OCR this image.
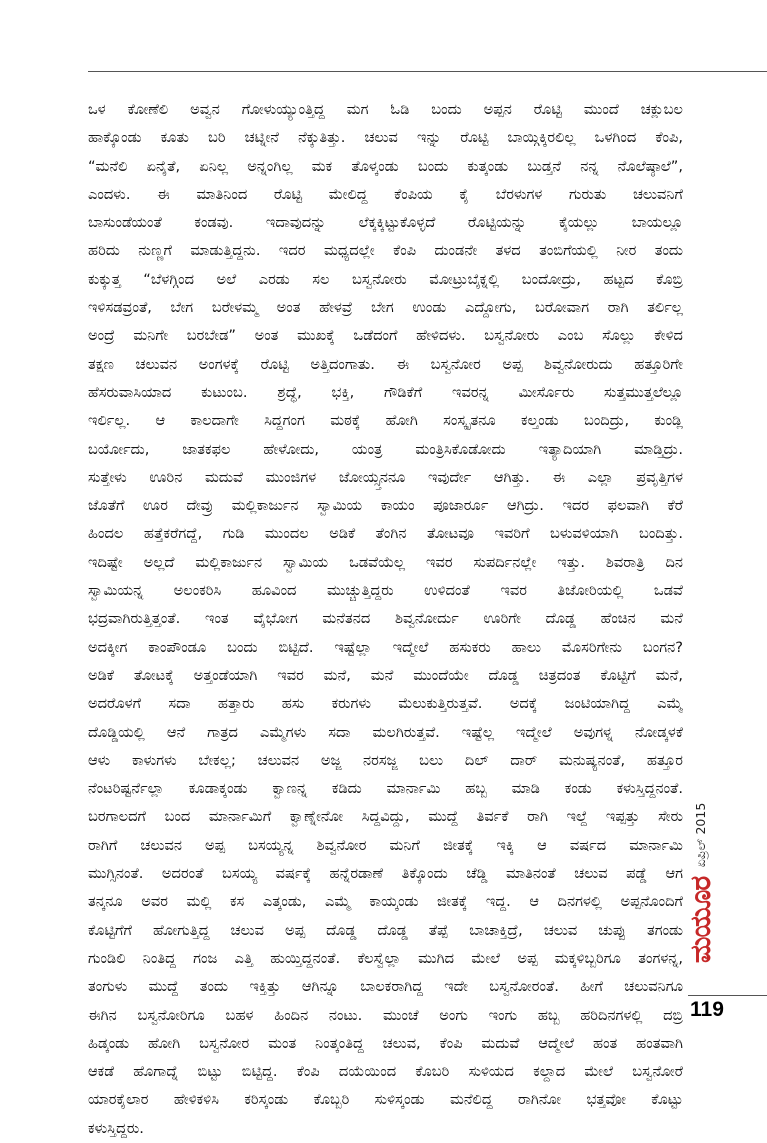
ಒಳ ಕೋಣೆಲಿ ಅವ್ವನ ಗೋಳುಯ್ಯುಂತ್ತಿದ್ದ ಮಗ ಓಡಿ ಬಂದು ಅಪ್ಪನ ರೊಟ್ಟಿ ಮುಂದೆ ಚಕ್ಲುಬಲ
ಹಾಕ್ಕೊಂಡು ಕೂತು ಬರಿ ಚಟ್ನೀನೆ ನೆಕ್ಕುತಿತ್ತು. ಚಲುವ ಇನ್ನು ರೊಟ್ಟಿ ಬಾಯ್ಗಿಕ್ಕಿರಲಿಲ್ಲ ಒಳಗಿಂದ ಕೆಂಪಿ,
“ಮನೆಲಿ ಏನೈತೆ, ಏನಿಲ್ಲ ಅನ್ನಂಗಿಲ್ಲ ಮಕ ತೊಳ್ಕಂಡು ಬಂದು ಕುತ್ಕಂಡು ಬುಡ್ತನೆ ನನ್ನ ನೊಲೆಷ್ಠಾಲೆ”,
ಎಂದಳು. ಈ ಮಾತಿನಿಂದ ರೊಟ್ಟಿ ಮೇಲಿದ್ದ ಕೆಂಪಿಯ ಕೈ ಬೆರಳುಗಳ ಗುರುತು ಚಲುವನಿಗೆ
ಬಾಸುಂಡೆಯಂತೆ ಕಂಡವು. ಇದಾವುದನ್ನು ಲೆಕ್ಕಕ್ಕಿಟ್ಟುಕೊಳ್ಳದೆ ರೊಟ್ಟಿಯನ್ನು ಕೈಯಲ್ಲು ಬಾಯಲ್ಲೂ
ಹರಿದು ನುಣ್ಣಗೆ ಮಾಡುತ್ತಿದ್ದನು. ಇದರ ಮಧ್ಯದಲ್ಲೇ ಕೆಂಪಿ ದುಂಡನೇ ತಳದ ತಂಬಿಗೆಯಲ್ಲಿ ನೀರ ತಂದು
ಕುಕ್ಕುತ್ತ “ಬೆಳಗ್ಗಿಂದ ಅಲೆ ಎರಡು ಸಲ ಬಸ್ವನೋರು ಮೋಟ್ರುಬೈಕ್ನಲ್ಲಿ ಬಂದೋದ್ರು, ಹಟ್ಟದ ಕೊಬ್ರಿ
ಇಳಿಸಡವ್ರಂತೆ, ಬೇಗ ಬರೇಳಮ್ಮ ಅಂತ ಹೇಳವ್ರೆ ಬೇಗ ಉಂಡು ಎದ್ದೋಗು, ಬರೋವಾಗ ರಾಗಿ ತರ್ಲಿಲ್ಲ
ಅಂದ್ರೆ ಮನಿಗೇ ಬರಬೇಡ” ಅಂತ ಮುಖಕ್ಕೆ ಒಡೆದಂಗೆ ಹೇಳಿದಳು. ಬಸ್ವನೋರು ಎಂಬ ಸೊಲ್ಲು ಕೇಳಿದ
ತಕ್ಷಣ ಚಲುವನ ಅಂಗಳಕ್ಕೆ ರೊಟ್ಟಿ ಅತ್ತಿದಂಗಾತು. ಈ ಬಸ್ವನೋರ ಅಪ್ಪ ಶಿವ್ವನೋರುದು ಹತ್ತೂರಿಗೇ
ಹೆಸರುವಾಸಿಯಾದ ಕುಟುಂಬ. ಶ್ರದ್ಧೆ, ಭಕ್ತಿ, ಗೌಡಿಕೆಗೆ ಇವರನ್ನ ಮೀರ್ಸೊರು ಸುತ್ತಮುತ್ತಲೆಲ್ಲೂ
ಇರ್ಲಿಲ್ಲ. ಆ ಕಾಲದಾಗೇ ಸಿದ್ದಗಂಗ ಮಠಕ್ಕೆ ಹೋಗಿ ಸಂಸ್ಕೃತನೂ ಕಲ್ತಂಡು ಬಂದಿದ್ರು, ಕುಂಡ್ಲಿ
ಬರ್ಯೋದು, ಜಾತಕಫಲ ಹೇಳೋದು, ಯಂತ್ರ ಮಂತ್ರಿಸಿಕೊಡೋದು ಇತ್ಯಾದಿಯಾಗಿ ಮಾಡ್ತಿದ್ರು.
ಸುತ್ತೇಳು ಊರಿನ ಮದುವೆ ಮುಂಜಿಗಳ ಜೋಯ್ಸ್ತನನೂ ಇವುರ್ದೇ ಆಗಿತ್ತು. ಈ ಎಲ್ಲಾ ಪ್ರವೃತ್ತಿಗಳ
ಜೊತೆಗೆ ಊರ ದೇವ್ರು ಮಲ್ಲಿಕಾರ್ಜುನ ಸ್ವಾಮಿಯ ಕಾಯಂ ಪೂಜಾರ್ರೂ ಆಗಿದ್ರು. ಇದರ ಫಲವಾಗಿ ಕೆರೆ
ಹಿಂದಲ ಹತ್ತೆಕರೆಗದ್ದೆ, ಗುಡಿ ಮುಂದಲ ಅಡಿಕೆ ತೆಂಗಿನ ತೋಟವೂ ಇವರಿಗೆ ಬಳುವಳಿಯಾಗಿ ಬಂದಿತ್ತು.
ಇದಿಷ್ಟೇ ಅಲ್ಲದೆ ಮಲ್ಲಿಕಾರ್ಜುನ ಸ್ವಾಮಿಯ ಒಡವೆಯೆಲ್ಲ ಇವರ ಸುಪರ್ದಿನಲ್ಲೇ ಇತ್ತು. ಶಿವರಾತ್ರಿ ದಿನ
ಸ್ವಾಮಿಯನ್ನ ಅಲಂಕರಿಸಿ ಹೂವಿಂದ ಮುಚ್ಚುತ್ತಿದ್ದರು ಉಳಿದಂತೆ ಇವರ ತಿಜೋರಿಯಲ್ಲಿ ಒಡವೆ
ಭದ್ರವಾಗಿರುತ್ತಿತ್ತಂತೆ. ಇಂತ ವೈಭೋಗ ಮನೆತನದ ಶಿವ್ವನೋರ್ದು ಊರಿಗೇ ದೊಡ್ಡ ಹೆಂಚಿನ ಮನೆ
ಅದಕ್ಕೀಗ ಕಾಂಪೌಂಡೂ ಬಂದು ಬಿಟ್ಟಿದೆ. ಇಷ್ಟೆಲ್ಲಾ ಇದ್ಮೇಲೆ ಹಸುಕರು ಹಾಲು ಮೊಸರಿಗೇನು ಬಂಗನ?
ಅಡಿಕೆ ತೋಟಕ್ಕೆ ಅತ್ತಂಡೆಯಾಗಿ ಇವರ ಮನೆ, ಮನೆ ಮುಂದೆಯೇ ದೊಡ್ಡ ಚಿತ್ರದಂತ ಕೊಟ್ಟಿಗೆ ಮನೆ,
ಅದರೊಳಗೆ ಸದಾ ಹತ್ತಾರು ಹಸು ಕರುಗಳು ಮೆಲುಕುತ್ತಿರುತ್ತವೆ. ಅದಕ್ಕೆ ಜಂಟಿಯಾಗಿದ್ದ ಎಮ್ಮೆ
ದೊಡ್ಡಿಯಲ್ಲಿ ಆನೆ ಗಾತ್ರದ ಎಮ್ಮೆಗಳು ಸದಾ ಮಲಗಿರುತ್ತವೆ. ಇಷ್ಟೆಲ್ಲ ಇದ್ಮೇಲೆ ಅವುಗಳ್ನ ನೋಡ್ಕಳಕೆ
ಆಳು ಕಾಳುಗಳು ಬೇಕಲ್ಲ; ಚಲುವನ ಅಜ್ಜ ನರಸಜ್ಜ ಬಲು ದಿಲ್ ದಾರ್ ಮನುಷ್ಯನಂತೆ, ಹತ್ತೂರ
ನೆಂಟರಿಷ್ಟರ್ನೆಲ್ಲಾ ಕೂಡಾಕ್ಕಂಡು ಕ್ವಾಣನ್ನ ಕಡಿದು ಮಾರ್ನಾಮಿ ಹಬ್ಬ ಮಾಡಿ ಕಂಡು ಕಳುಸ್ತಿದ್ದನಂತೆ.
ಬರಗಾಲದಗೆ ಬಂದ ಮಾರ್ನಾಮಿಗೆ ಕ್ವಾಣ್ನೇನೋ ಸಿದ್ದವಿದ್ದು, ಮುದ್ದೆ ತಿರ್ವಕೆ ರಾಗಿ ಇಲ್ದೆ ಇಪ್ಪತ್ತು ಸೇರು
ರಾಗಿಗೆ ಚಲುವನ ಅಪ್ಪ ಬಸಯ್ಯನ್ನ ಶಿವ್ವನೋರ ಮನಿಗೆ ಜೀತಕ್ಕೆ ಇಕ್ಕಿ ಆ ವರ್ಷದ ಮಾರ್ನಾಮಿ
ಮುಗ್ಸಿನಂತೆ. ಅದರಂತೆ ಬಸಯ್ಯ ವರ್ಷಕ್ಕೆ ಹನ್ನೆರಡಾಣೆ ತಿಕ್ಕೊಂದು ಚೆಡ್ಡಿ ಮಾತಿನಂತೆ ಚಲುವ ಪಡ್ಡೆ ಆಗ
ತನ್ಕನೂ ಅವರ ಮಲ್ಲಿ ಕಸ ಎತ್ಕಂಡು, ಎಮ್ಮೆ ಕಾಯ್ಕಂಡು ಜೀತಕ್ಕೆ ಇದ್ದ. ಆ ದಿನಗಳಲ್ಲಿ ಅಪ್ಪನೊಂದಿಗೆ
ಕೊಟ್ಟಿಗೆಗೆ ಹೋಗುತ್ತಿದ್ದ ಚಲುವ ಅಪ್ಪ ದೊಡ್ಡ ದೊಡ್ಡ ತೆಪ್ಪೆ ಬಾಚಾಕ್ತಿದ್ರೆ, ಚಲುವ ಚುಪ್ಪು ತಗಂಡು
ಗುಂಡಿಲಿ ನಿಂತಿದ್ದ ಗಂಜ ಎತ್ತಿ ಹುಯ್ತಿದ್ದನಂತೆ. ಕೆಲಸ್ವೆಲ್ಲಾ ಮುಗಿದ ಮೇಲೆ ಅಪ್ಪ ಮಕ್ಕಳಿಬ್ಬರಿಗೂ ತಂಗಳನ್ನ,
ತಂಗುಳು ಮುದ್ದೆ ತಂದು ಇಕ್ತಿತ್ತು ಆಗಿನ್ನೂ ಬಾಲಕರಾಗಿದ್ದ ಇದೇ ಬಸ್ವನೋರಂತೆ. ಹೀಗೆ ಚಲುವನಿಗೂ
ಈಗಿನ ಬಸ್ವನೋರಿಗೂ ಬಹಳ ಹಿಂದಿನ ನಂಟು. ಮುಂಚೆ ಅಂಗು ಇಂಗು ಹಬ್ಬ ಹರಿದಿನಗಳಲ್ಲಿ ದಬ್ರಿ
ಹಿಡ್ಕಂಡು ಹೋಗಿ ಬಸ್ವನೋರ ಮಂತ ನಿಂತ್ಕಂತಿದ್ದ ಚಲುವ, ಕೆಂಪಿ ಮದುವೆ ಆದ್ಮೇಲೆ ಹಂತ ಹಂತವಾಗಿ
ಆಕಡೆ ಹೊಗಾದ್ನೆ ಬಿಟ್ಟು ಬಿಟ್ಟಿದ್ದ. ಕೆಂಪಿ ದಯೆಯಿಂದ ಕೊಬರಿ ಸುಳಿಯದ ಕಲ್ದಾದ ಮೇಲೆ ಬಸ್ವನೋರೆ
ಯಾರಕೈಲಾರ ಹೇಳಿಕಳಿಸಿ ಕರಿಸ್ಕಂಡು ಕೊಬ್ಬರಿ ಸುಳಿಸ್ಕಂಡು ಮನೆಲಿದ್ದ ರಾಗಿನೋ ಭತ್ತವೋ ಕೊಟ್ಟು
ಕಳುಸ್ತಿದ್ದರು.
ಏಪ್ರಿಲ್ 2015
ಮಯೂರ
119
